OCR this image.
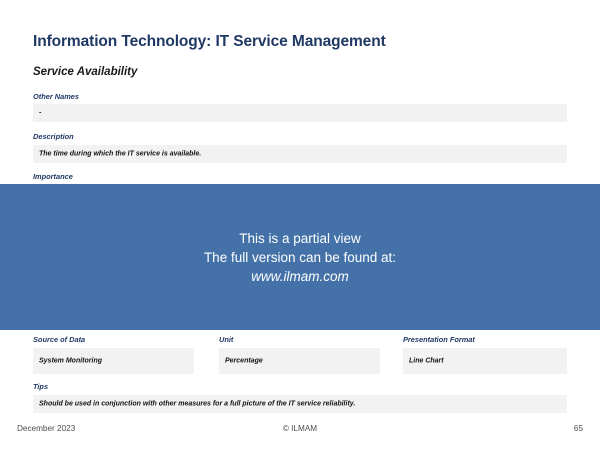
Information Technology: IT Service Management
Service Availability
Other Names
-
Description
The time during which the IT service is available.
Importance
This is a partial view
The full version can be found at:
www.ilmam.com
Source of Data
System Monitoring
Unit
Percentage
Presentation Format
Line Chart
Tips
Should be used in conjunction with other measures for a full picture of the IT service reliability.
December 2023	© ILMAM	65
